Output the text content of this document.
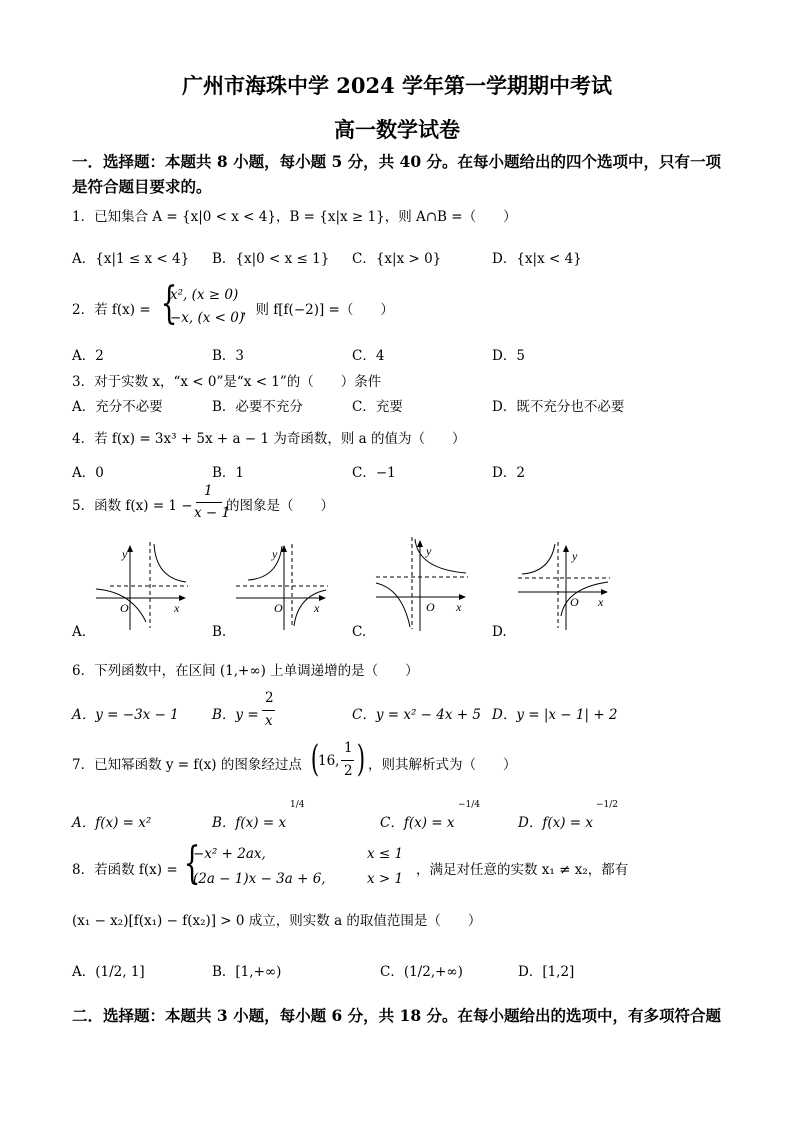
广州市海珠中学 2024 学年第一学期期中考试
高一数学试卷
一．选择题：本题共 8 小题，每小题 5 分，共 40 分。在每小题给出的四个选项中，只有一项
是符合题目要求的。
1．已知集合 A = {x|0 < x < 4}，B = {x|x ≥ 1}，则 A∩B =（　　）
A．{x|1 ≤ x < 4} B．{x|0 < x ≤ 1} C．{x|x > 0}	D．{x|x < 4}
2．若 f(x) = {
x², (x ≥ 0)
−x, (x < 0)
，则 f[f(−2)] =（　　）
A．2	B．3	C．4	D．5
3．对于实数 x，“x < 0”是“x < 1”的（　　）条件
A．充分不必要	B．必要不充分	C．充要	D．既不充分也不必要
4．若 f(x) = 3x³ + 5x + a − 1 为奇函数，则 a 的值为（　　）
A．0	B．1	C．−1	D．2
5．函数 f(x) = 1 −
1
x − 1
的图象是（　　）
y
x
O
y
x
O
y
x
O
y
x
O
A.	B.	C.	D.
6．下列函数中，在区间 (1,+∞) 上单调递增的是（　　）
A．y = −3x − 1 B．y =
2
x	C．y = x² − 4x + 5 D．y = |x − 1| + 2
7．已知幂函数 y = f(x) 的图象经过点 (
16,
1
2 ) ，则其解析式为（　　）
A．f(x) = x²	B．f(x) = x
1/4
C．f(x) = x
−1/4
D．f(x) = x
−1/2
8．若函数 f(x) = {
−x² + 2ax,	x ≤ 1
(2a − 1)x − 3a + 6,	x > 1
，满足对任意的实数 x₁ ≠ x₂，都有
(x₁ − x₂)[f(x₁) − f(x₂)] > 0 成立，则实数 a 的取值范围是（　　）
A．(1/2, 1]	B．[1,+∞)	C．(1/2,+∞)	D．[1,2]
二．选择题：本题共 3 小题，每小题 6 分，共 18 分。在每小题给出的选项中，有多项符合题
